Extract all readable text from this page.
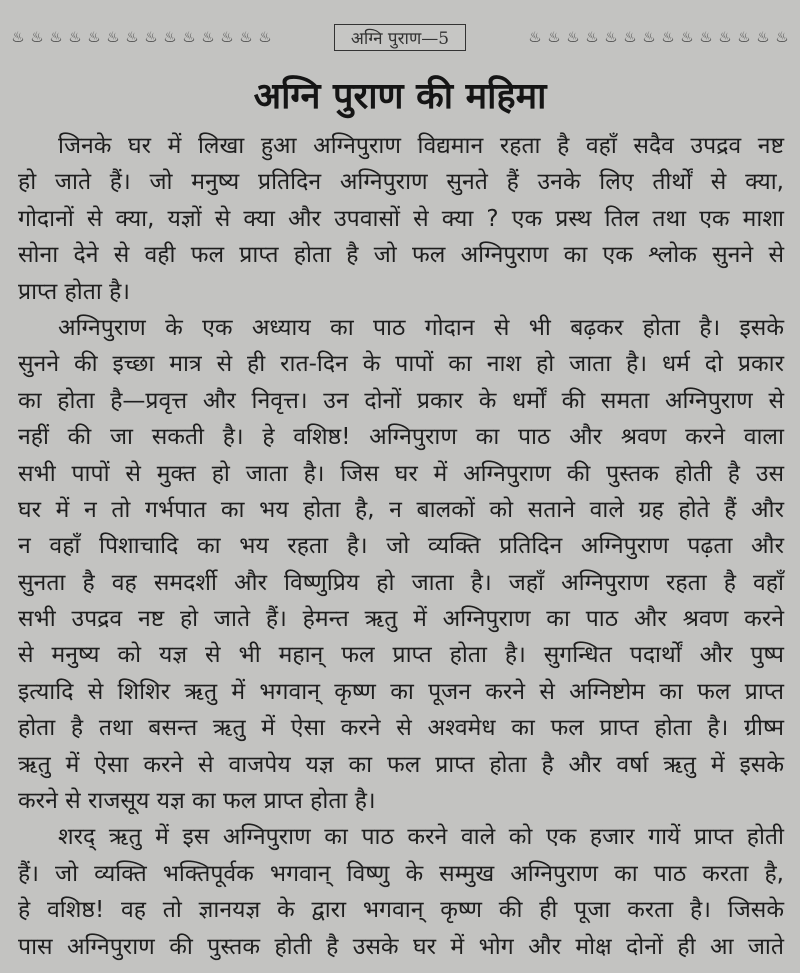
♨ ♨ ♨ ♨ ♨ ♨ ♨ ♨ ♨ ♨ ♨ ♨ ♨ ♨	अग्नि पुराण—5	♨ ♨ ♨ ♨ ♨ ♨ ♨ ♨ ♨ ♨ ♨ ♨ ♨ ♨
अग्नि पुराण की महिमा
जिनके घर में लिखा हुआ अग्निपुराण विद्यमान रहता है वहाँ सदैव उपद्रव नष्ट
हो जाते हैं। जो मनुष्य प्रतिदिन अग्निपुराण सुनते हैं उनके लिए तीर्थों से क्या,
गोदानों से क्या, यज्ञों से क्या और उपवासों से क्या ? एक प्रस्थ तिल तथा एक माशा
सोना देने से वही फल प्राप्त होता है जो फल अग्निपुराण का एक श्लोक सुनने से
प्राप्त होता है।
अग्निपुराण के एक अध्याय का पाठ गोदान से भी बढ़कर होता है। इसके
सुनने की इच्छा मात्र से ही रात-दिन के पापों का नाश हो जाता है। धर्म दो प्रकार
का होता है—प्रवृत्त और निवृत्त। उन दोनों प्रकार के धर्मों की समता अग्निपुराण से
नहीं की जा सकती है। हे वशिष्ठ! अग्निपुराण का पाठ और श्रवण करने वाला
सभी पापों से मुक्त हो जाता है। जिस घर में अग्निपुराण की पुस्तक होती है उस
घर में न तो गर्भपात का भय होता है, न बालकों को सताने वाले ग्रह होते हैं और
न वहाँ पिशाचादि का भय रहता है। जो व्यक्ति प्रतिदिन अग्निपुराण पढ़ता और
सुनता है वह समदर्शी और विष्णुप्रिय हो जाता है। जहाँ अग्निपुराण रहता है वहाँ
सभी उपद्रव नष्ट हो जाते हैं। हेमन्त ऋतु में अग्निपुराण का पाठ और श्रवण करने
से मनुष्य को यज्ञ से भी महान् फल प्राप्त होता है। सुगन्धित पदार्थों और पुष्प
इत्यादि से शिशिर ऋतु में भगवान् कृष्ण का पूजन करने से अग्निष्टोम का फल प्राप्त
होता है तथा बसन्त ऋतु में ऐसा करने से अश्वमेध का फल प्राप्त होता है। ग्रीष्म
ऋतु में ऐसा करने से वाजपेय यज्ञ का फल प्राप्त होता है और वर्षा ऋतु में इसके
करने से राजसूय यज्ञ का फल प्राप्त होता है।
शरद् ऋतु में इस अग्निपुराण का पाठ करने वाले को एक हजार गायें प्राप्त होती
हैं। जो व्यक्ति भक्तिपूर्वक भगवान् विष्णु के सम्मुख अग्निपुराण का पाठ करता है,
हे वशिष्ठ! वह तो ज्ञानयज्ञ के द्वारा भगवान् कृष्ण की ही पूजा करता है। जिसके
पास अग्निपुराण की पुस्तक होती है उसके घर में भोग और मोक्ष दोनों ही आ जाते
